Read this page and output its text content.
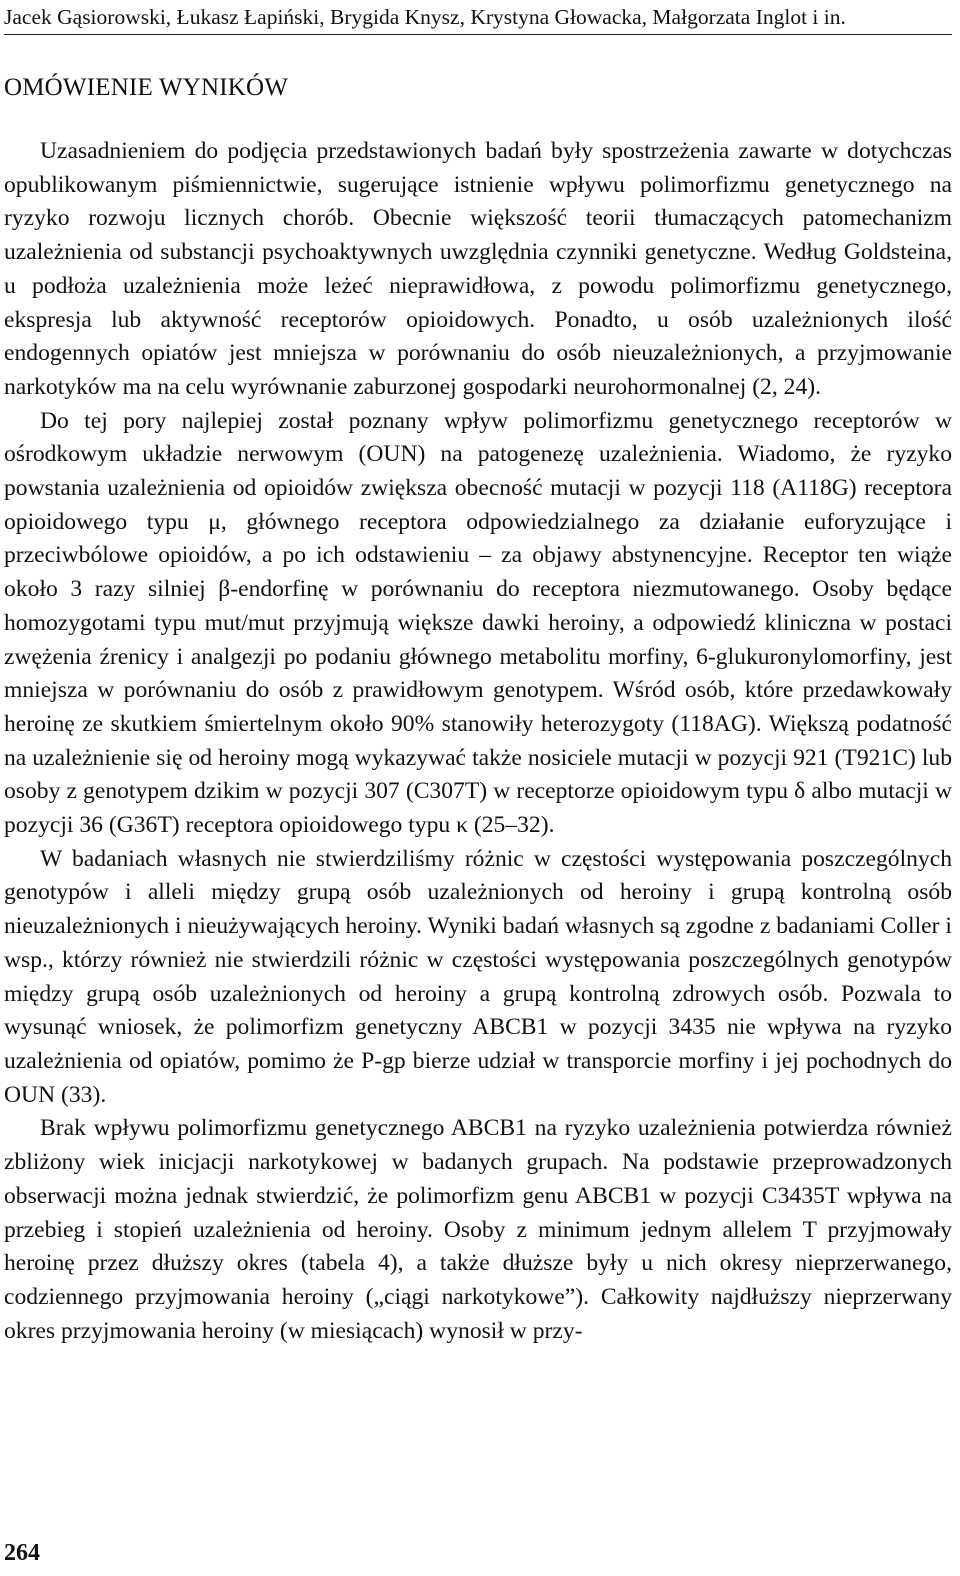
Jacek Gąsiorowski, Łukasz Łapiński, Brygida Knysz, Krystyna Głowacka, Małgorzata Inglot i in.
OMÓWIENIE WYNIKÓW

Uzasadnieniem do podjęcia przedstawionych badań były spostrzeżenia zawarte w dotychczas opublikowanym piśmiennictwie, sugerujące istnienie wpływu polimorfizmu genetycznego na ryzyko rozwoju licznych chorób. Obecnie większość teorii tłumaczących patomechanizm uzależnienia od substancji psychoaktywnych uwzględnia czynniki genetyczne. Według Goldsteina, u podłoża uzależnienia może leżeć nieprawidłowa, z powodu polimorfizmu genetycznego, ekspresja lub aktywność receptorów opioidowych. Ponadto, u osób uzależnionych ilość endogennych opiatów jest mniejsza w porównaniu do osób nieuzależnionych, a przyjmowanie narkotyków ma na celu wyrównanie zaburzonej gospodarki neurohormonalnej (2, 24).

Do tej pory najlepiej został poznany wpływ polimorfizmu genetycznego receptorów w ośrodkowym układzie nerwowym (OUN) na patogenezę uzależnienia. Wiadomo, że ryzyko powstania uzależnienia od opioidów zwiększa obecność mutacji w pozycji 118 (A118G) receptora opioidowego typu μ, głównego receptora odpowiedzialnego za działanie euforyzujące i przeciwbólowe opioidów, a po ich odstawieniu – za objawy abstynencyjne. Receptor ten wiąże około 3 razy silniej β-endorfinę w porównaniu do receptora niezmutowanego. Osoby będące homozygotami typu mut/mut przyjmują większe dawki heroiny, a odpowiedź kliniczna w postaci zwężenia źrenicy i analgezji po podaniu głównego metabolitu morfiny, 6-glukuronylomorfiny, jest mniejsza w porównaniu do osób z prawidłowym genotypem. Wśród osób, które przedawkowały heroinę ze skutkiem śmiertelnym około 90% stanowiły heterozygoty (118AG). Większą podatność na uzależnienie się od heroiny mogą wykazywać także nosiciele mutacji w pozycji 921 (T921C) lub osoby z genotypem dzikim w pozycji 307 (C307T) w receptorze opioidowym typu δ albo mutacji w pozycji 36 (G36T) receptora opioidowego typu κ (25–32).

W badaniach własnych nie stwierdziliśmy różnic w częstości występowania poszczególnych genotypów i alleli między grupą osób uzależnionych od heroiny i grupą kontrolną osób nieuzależnionych i nieużywających heroiny. Wyniki badań własnych są zgodne z badaniami Coller i wsp., którzy również nie stwierdzili różnic w częstości występowania poszczególnych genotypów między grupą osób uzależnionych od heroiny a grupą kontrolną zdrowych osób. Pozwala to wysunąć wniosek, że polimorfizm genetyczny ABCB1 w pozycji 3435 nie wpływa na ryzyko uzależnienia od opiatów, pomimo że P-gp bierze udział w transporcie morfiny i jej pochodnych do OUN (33).

Brak wpływu polimorfizmu genetycznego ABCB1 na ryzyko uzależnienia potwierdza również zbliżony wiek inicjacji narkotykowej w badanych grupach. Na podstawie przeprowadzonych obserwacji można jednak stwierdzić, że polimorfizm genu ABCB1 w pozycji C3435T wpływa na przebieg i stopień uzależnienia od heroiny. Osoby z minimum jednym allelem T przyjmowały heroinę przez dłuższy okres (tabela 4), a także dłuższe były u nich okresy nieprzerwanego, codziennego przyjmowania heroiny („ciągi narkotykowe”). Całkowity najdłuższy nieprzerwany okres przyjmowania heroiny (w miesiącach) wynosił w przy-

264
